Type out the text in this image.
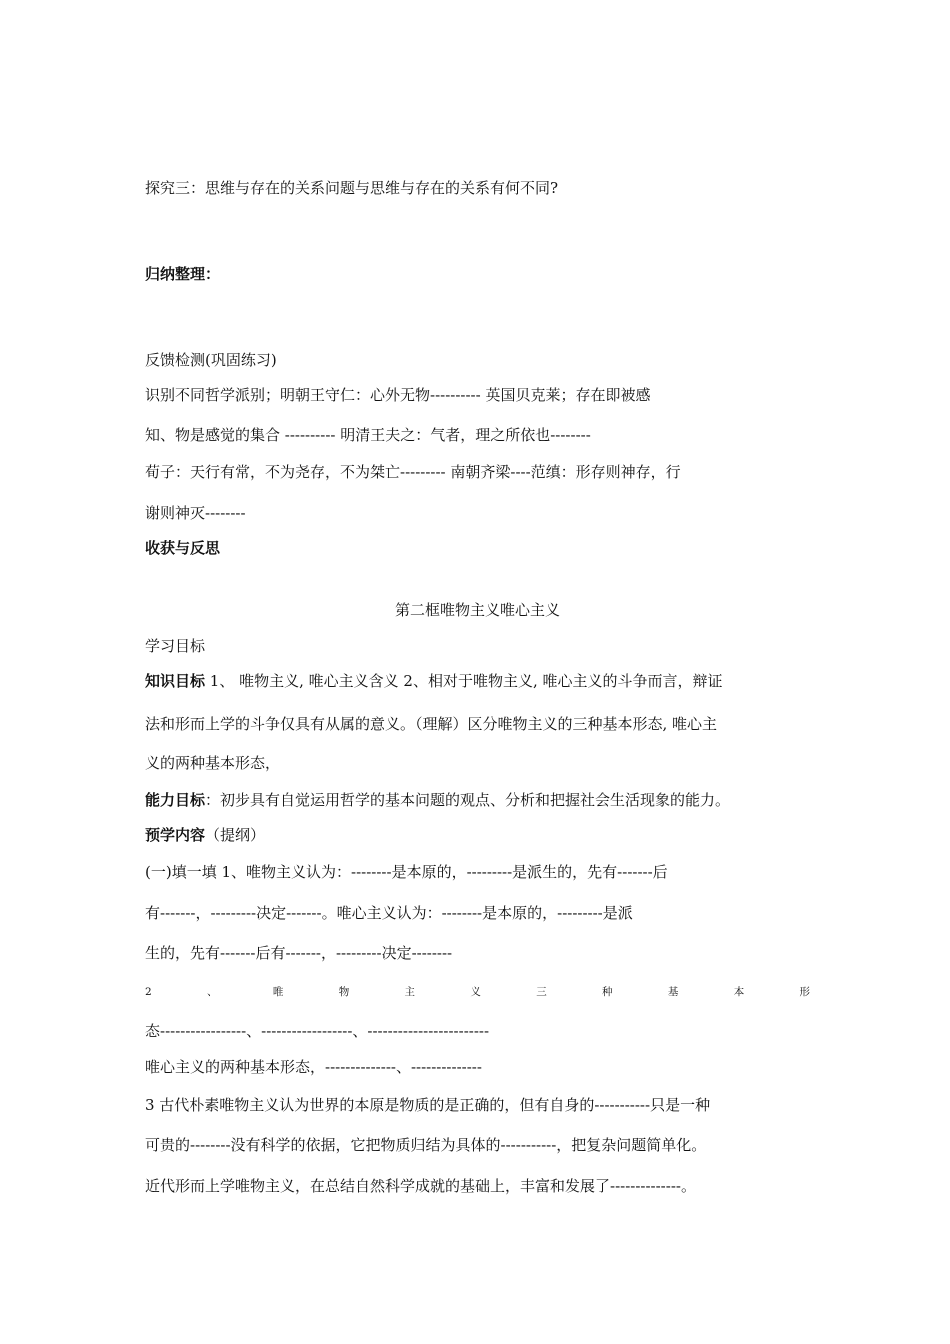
探究三：思维与存在的关系问题与思维与存在的关系有何不同?
归纳整理：
反馈检测(巩固练习)
识别不同哲学派别；明朝王守仁：心外无物---------- 英国贝克莱；存在即被感
知、物是感觉的集合 ---------- 明清王夫之：气者，理之所依也--------
荀子：天行有常，不为尧存，不为桀亡--------- 南朝齐梁----范缜：形存则神存，行
谢则神灭--------
收获与反思
第二框唯物主义唯心主义
学习目标
知识目标 1、 唯物主义, 唯心主义含义 2、相对于唯物主义, 唯心主义的斗争而言，辩证
法和形而上学的斗争仅具有从属的意义。（理解）区分唯物主义的三种基本形态, 唯心主
义的两种基本形态，
能力目标：初步具有自觉运用哲学的基本问题的观点、分析和把握社会生活现象的能力。
预学内容（提纲）
(一)填一填 1、唯物主义认为：--------是本原的，---------是派生的，先有-------后
有-------，---------决定-------。唯心主义认为：--------是本原的，---------是派
生的，先有-------后有-------，---------决定--------
2 、 唯 物 主 义 三 种 基 本 形
态-----------------、------------------、------------------------
唯心主义的两种基本形态，--------------、--------------
3 古代朴素唯物主义认为世界的本原是物质的是正确的，但有自身的-----------只是一种
可贵的--------没有科学的依据，它把物质归结为具体的-----------，把复杂问题简单化。
近代形而上学唯物主义，在总结自然科学成就的基础上，丰富和发展了--------------。
